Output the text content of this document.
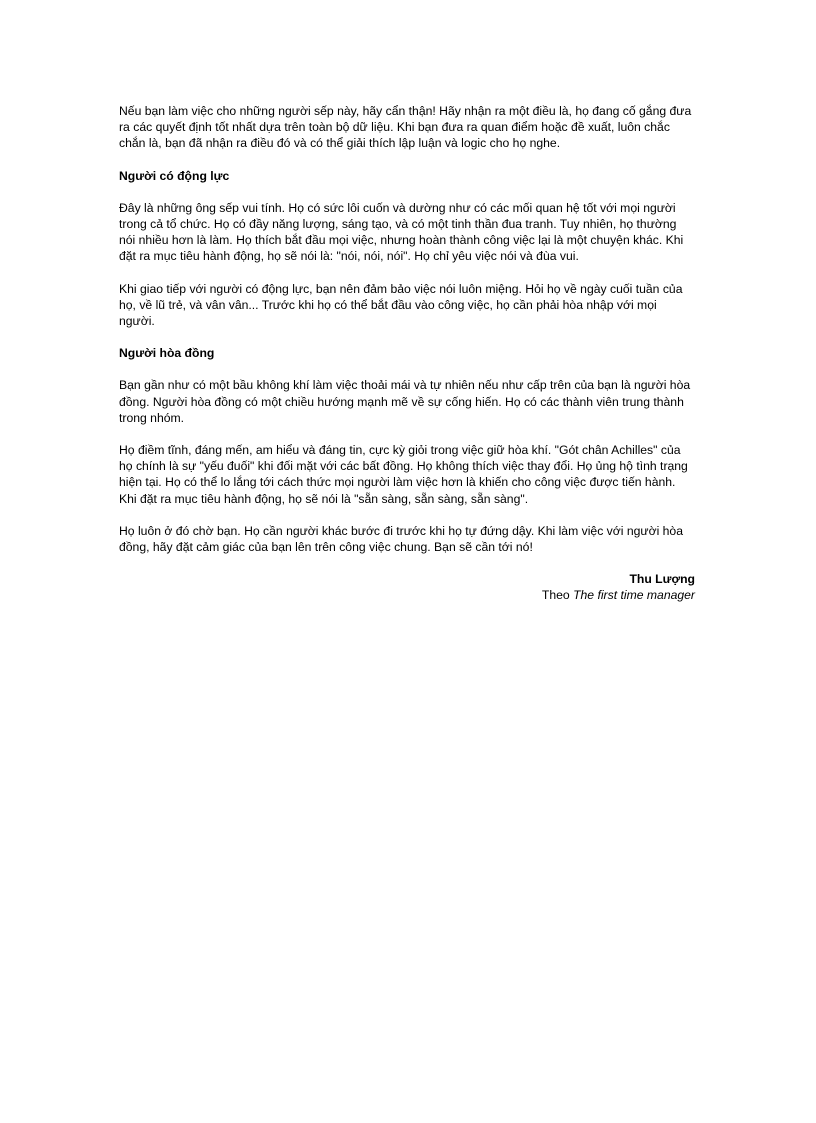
Nếu bạn làm việc cho những người sếp này, hãy cẩn thận! Hãy nhận ra một điều là, họ đang cố gắng đưa ra các quyết định tốt nhất dựa trên toàn bộ dữ liệu. Khi bạn đưa ra quan điểm hoặc đề xuất, luôn chắc chắn là, bạn đã nhận ra điều đó và có thể giải thích lập luận và logic cho họ nghe.

Người có động lực

Đây là những ông sếp vui tính. Họ có sức lôi cuốn và dường như có các mối quan hệ tốt với mọi người trong cả tổ chức. Họ có đầy năng lượng, sáng tạo, và có một tinh thần đua tranh. Tuy nhiên, họ thường nói nhiều hơn là làm. Họ thích bắt đầu mọi việc, nhưng hoàn thành công việc lại là một chuyện khác. Khi đặt ra mục tiêu hành động, họ sẽ nói là: "nói, nói, nói". Họ chỉ yêu việc nói và đùa vui.

Khi giao tiếp với người có động lực, bạn nên đảm bảo việc nói luôn miệng. Hỏi họ về ngày cuối tuần của họ, về lũ trẻ, và vân vân... Trước khi họ có thể bắt đầu vào công việc, họ cần phải hòa nhập với mọi người.

Người hòa đồng

Bạn gần như có một bầu không khí làm việc thoải mái và tự nhiên nếu như cấp trên của bạn là người hòa đồng. Người hòa đồng có một chiều hướng mạnh mẽ về sự cống hiến. Họ có các thành viên trung thành trong nhóm.

Họ điềm tĩnh, đáng mến, am hiểu và đáng tin, cực kỳ giỏi trong việc giữ hòa khí. "Gót chân Achilles" của họ chính là sự "yếu đuối" khi đối mặt với các bất đồng. Họ không thích việc thay đổi. Họ ủng hộ tình trạng hiện tại. Họ có thể lo lắng tới cách thức mọi người làm việc hơn là khiến cho công việc được tiến hành. Khi đặt ra mục tiêu hành động, họ sẽ nói là "sẵn sàng, sẵn sàng, sẵn sàng".

Họ luôn ở đó chờ bạn. Họ cần người khác bước đi trước khi họ tự đứng dậy. Khi làm việc với người hòa đồng, hãy đặt cảm giác của bạn lên trên công việc chung. Bạn sẽ cần tới nó!

Thu Lượng
Theo The first time manager
